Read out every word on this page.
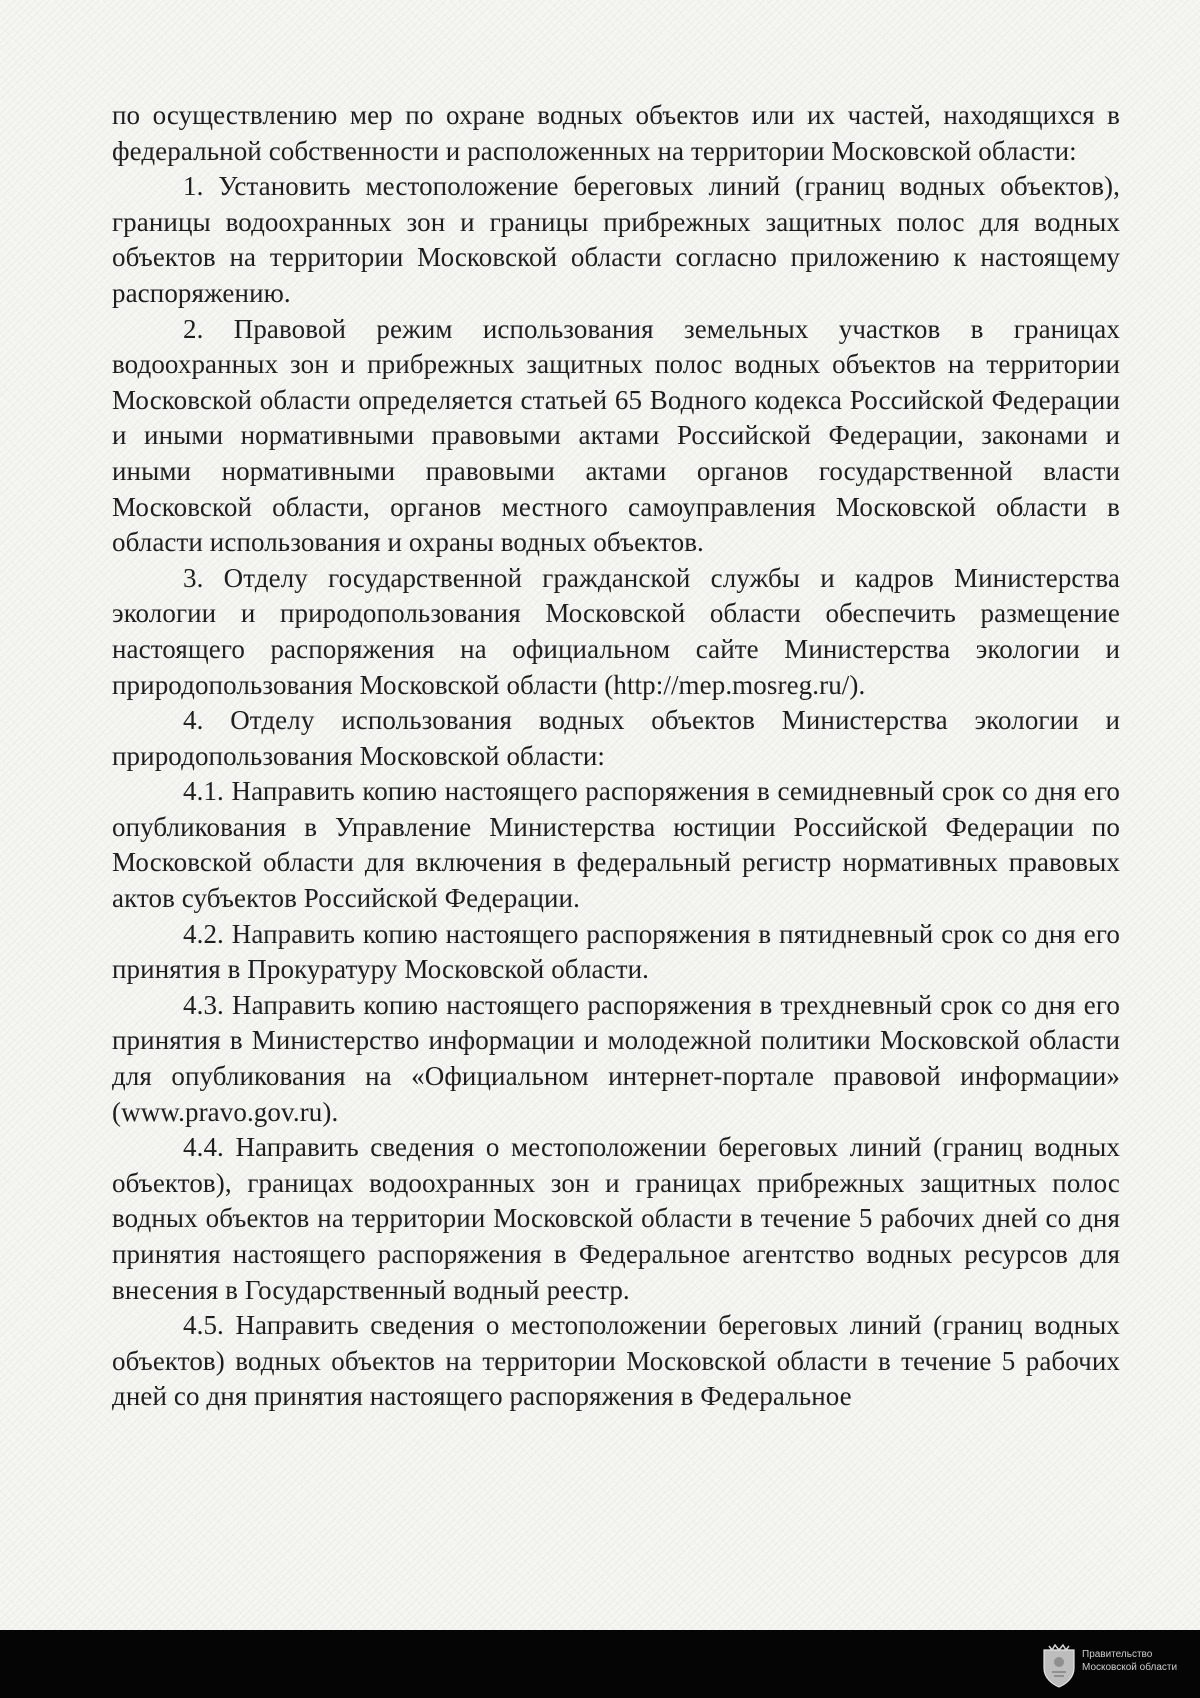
по осуществлению мер по охране водных объектов или их частей, находящихся в федеральной собственности и расположенных на территории Московской области:

1. Установить местоположение береговых линий (границ водных объектов), границы водоохранных зон и границы прибрежных защитных полос для водных объектов на территории Московской области согласно приложению к настоящему распоряжению.

2. Правовой режим использования земельных участков в границах водоохранных зон и прибрежных защитных полос водных объектов на территории Московской области определяется статьей 65 Водного кодекса Российской Федерации и иными нормативными правовыми актами Российской Федерации, законами и иными нормативными правовыми актами органов государственной власти Московской области, органов местного самоуправления Московской области в области использования и охраны водных объектов.

3. Отделу государственной гражданской службы и кадров Министерства экологии и природопользования Московской области обеспечить размещение настоящего распоряжения на официальном сайте Министерства экологии и природопользования Московской области (http://mep.mosreg.ru/).

4. Отделу использования водных объектов Министерства экологии и природопользования Московской области:

4.1. Направить копию настоящего распоряжения в семидневный срок со дня его опубликования в Управление Министерства юстиции Российской Федерации по Московской области для включения в федеральный регистр нормативных правовых актов субъектов Российской Федерации.

4.2. Направить копию настоящего распоряжения в пятидневный срок со дня его принятия в Прокуратуру Московской области.

4.3. Направить копию настоящего распоряжения в трехдневный срок со дня его принятия в Министерство информации и молодежной политики Московской области для опубликования на «Официальном интернет-портале правовой информации» (www.pravo.gov.ru).

4.4. Направить сведения о местоположении береговых линий (границ водных объектов), границах водоохранных зон и границах прибрежных защитных полос водных объектов на территории Московской области в течение 5 рабочих дней со дня принятия настоящего распоряжения в Федеральное агентство водных ресурсов для внесения в Государственный водный реестр.

4.5. Направить сведения о местоположении береговых линий (границ водных объектов) водных объектов на территории Московской области в течение 5 рабочих дней со дня принятия настоящего распоряжения в Федеральное

Правительство
Московской области
